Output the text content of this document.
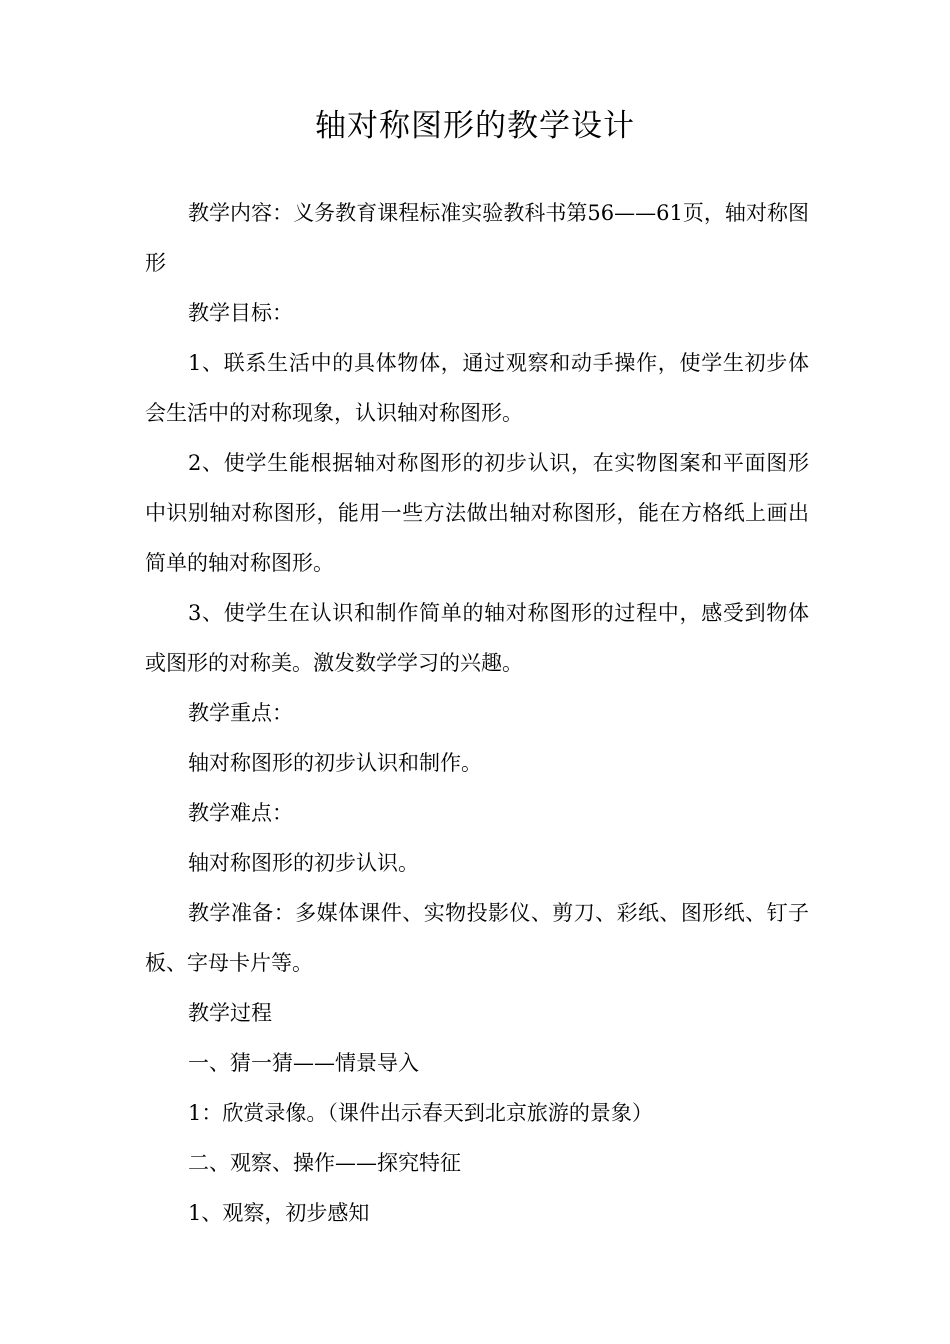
轴对称图形的教学设计

教学内容：义务教育课程标准实验教科书第56——61页，轴对称图形

教学目标：

1、联系生活中的具体物体，通过观察和动手操作，使学生初步体会生活中的对称现象，认识轴对称图形。

2、使学生能根据轴对称图形的初步认识，在实物图案和平面图形中识别轴对称图形，能用一些方法做出轴对称图形，能在方格纸上画出简单的轴对称图形。

3、使学生在认识和制作简单的轴对称图形的过程中，感受到物体或图形的对称美。激发数学学习的兴趣。

教学重点：

轴对称图形的初步认识和制作。

教学难点：

轴对称图形的初步认识。

教学准备：多媒体课件、实物投影仪、剪刀、彩纸、图形纸、钉子板、字母卡片等。

教学过程

一、猜一猜——情景导入

1：欣赏录像。（课件出示春天到北京旅游的景象）

二、观察、操作——探究特征

1、观察，初步感知
